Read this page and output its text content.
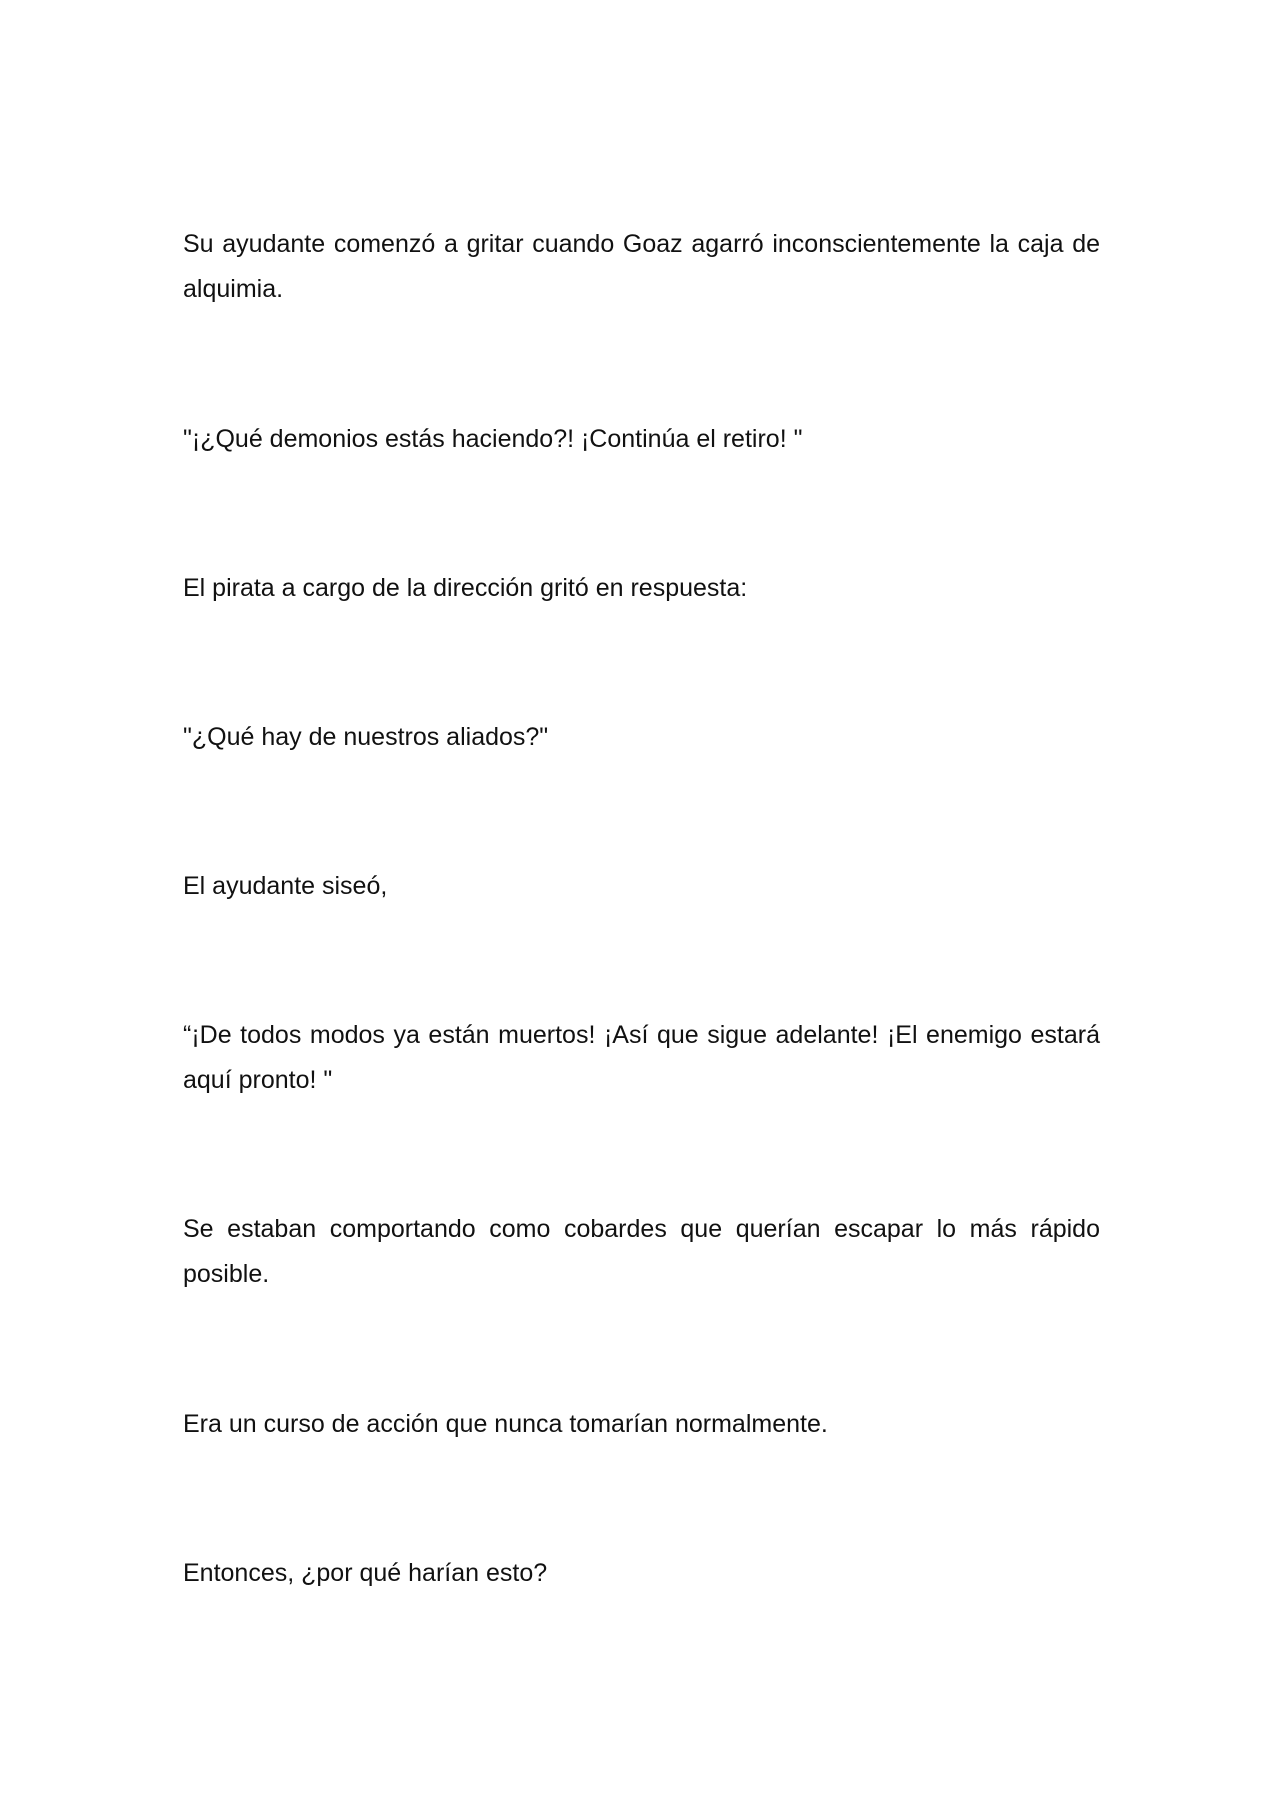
Su ayudante comenzó a gritar cuando Goaz agarró inconscientemente la caja de alquimia.

"¡¿Qué demonios estás haciendo?! ¡Continúa el retiro! "

El pirata a cargo de la dirección gritó en respuesta:

"¿Qué hay de nuestros aliados?"

El ayudante siseó,

“¡De todos modos ya están muertos! ¡Así que sigue adelante! ¡El enemigo estará aquí pronto! "

Se estaban comportando como cobardes que querían escapar lo más rápido posible.

Era un curso de acción que nunca tomarían normalmente.

Entonces, ¿por qué harían esto?
